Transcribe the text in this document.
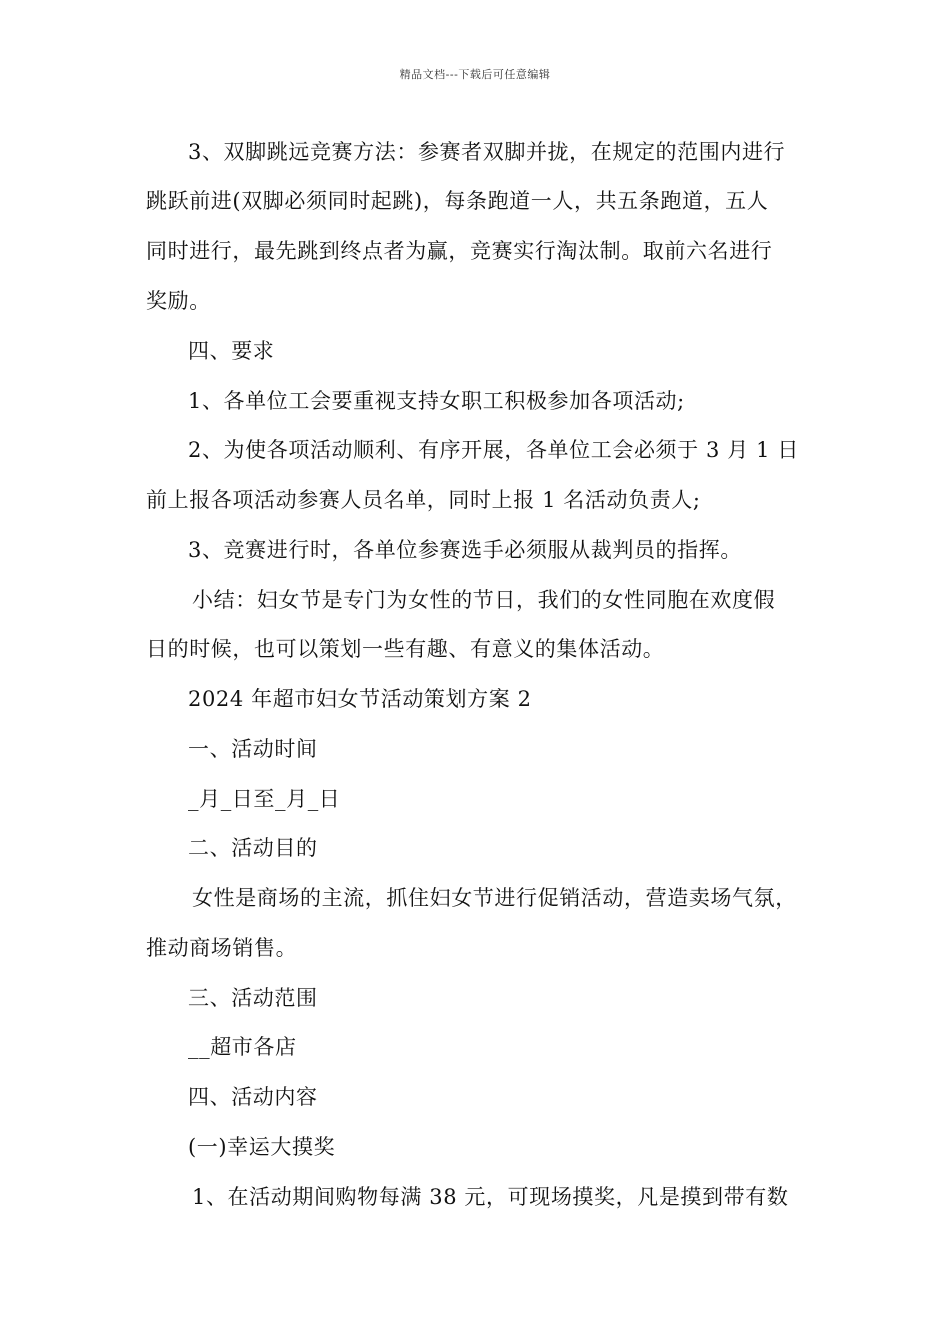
精品文档---下载后可任意编辑
3、双脚跳远竞赛方法：参赛者双脚并拢，在规定的范围内进行
跳跃前进(双脚必须同时起跳)，每条跑道一人，共五条跑道，五人
同时进行，最先跳到终点者为赢，竞赛实行淘汰制。取前六名进行
奖励。
四、要求
1、各单位工会要重视支持女职工积极参加各项活动;
2、为使各项活动顺利、有序开展，各单位工会必须于 3 月 1 日
前上报各项活动参赛人员名单，同时上报 1 名活动负责人;
3、竞赛进行时，各单位参赛选手必须服从裁判员的指挥。
小结：妇女节是专门为女性的节日，我们的女性同胞在欢度假
日的时候，也可以策划一些有趣、有意义的集体活动。
2024 年超市妇女节活动策划方案 2
一、活动时间
_月_日至_月_日
二、活动目的
女性是商场的主流，抓住妇女节进行促销活动，营造卖场气氛，
推动商场销售。
三、活动范围
__超市各店
四、活动内容
(一)幸运大摸奖
1、在活动期间购物每满 38 元，可现场摸奖，凡是摸到带有数
